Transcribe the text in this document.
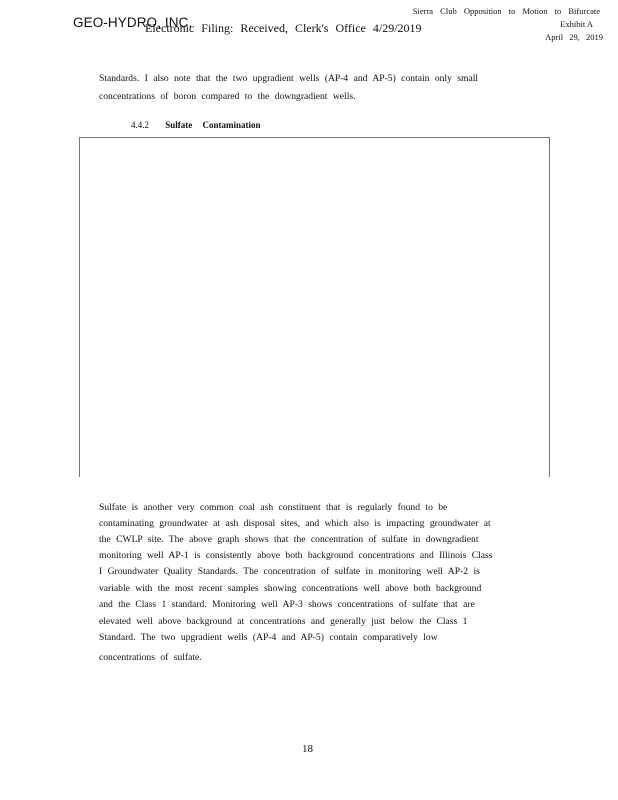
GEO-HYDRO, INC.
Electronic Filing: Received, Clerk's Office 4/29/2019
Sierra Club Opposition to Motion to Bifurcate
Exhibit A
April 29, 2019
Standards. I also note that the two upgradient wells (AP-4 and AP-5) contain only small
concentrations of boron compared to the downgradient wells.
4.4.2 Sulfate Contamination
Sulfate is another very common coal ash constituent that is regularly found to be
contaminating groundwater at ash disposal sites, and which also is impacting groundwater at
the CWLP site. The above graph shows that the concentration of sulfate in downgradient
monitoring well AP-1 is consistently above both background concentrations and Illinois Class
I Groundwater Quality Standards. The concentration of sulfate in monitoring well AP-2 is
variable with the most recent samples showing concentrations well above both background
and the Class 1 standard. Monitoring well AP-3 shows concentrations of sulfate that are
elevated well above background at concentrations and generally just below the Class 1
Standard. The two upgradient wells (AP-4 and AP-5) contain comparatively low
concentrations of sulfate.
18
